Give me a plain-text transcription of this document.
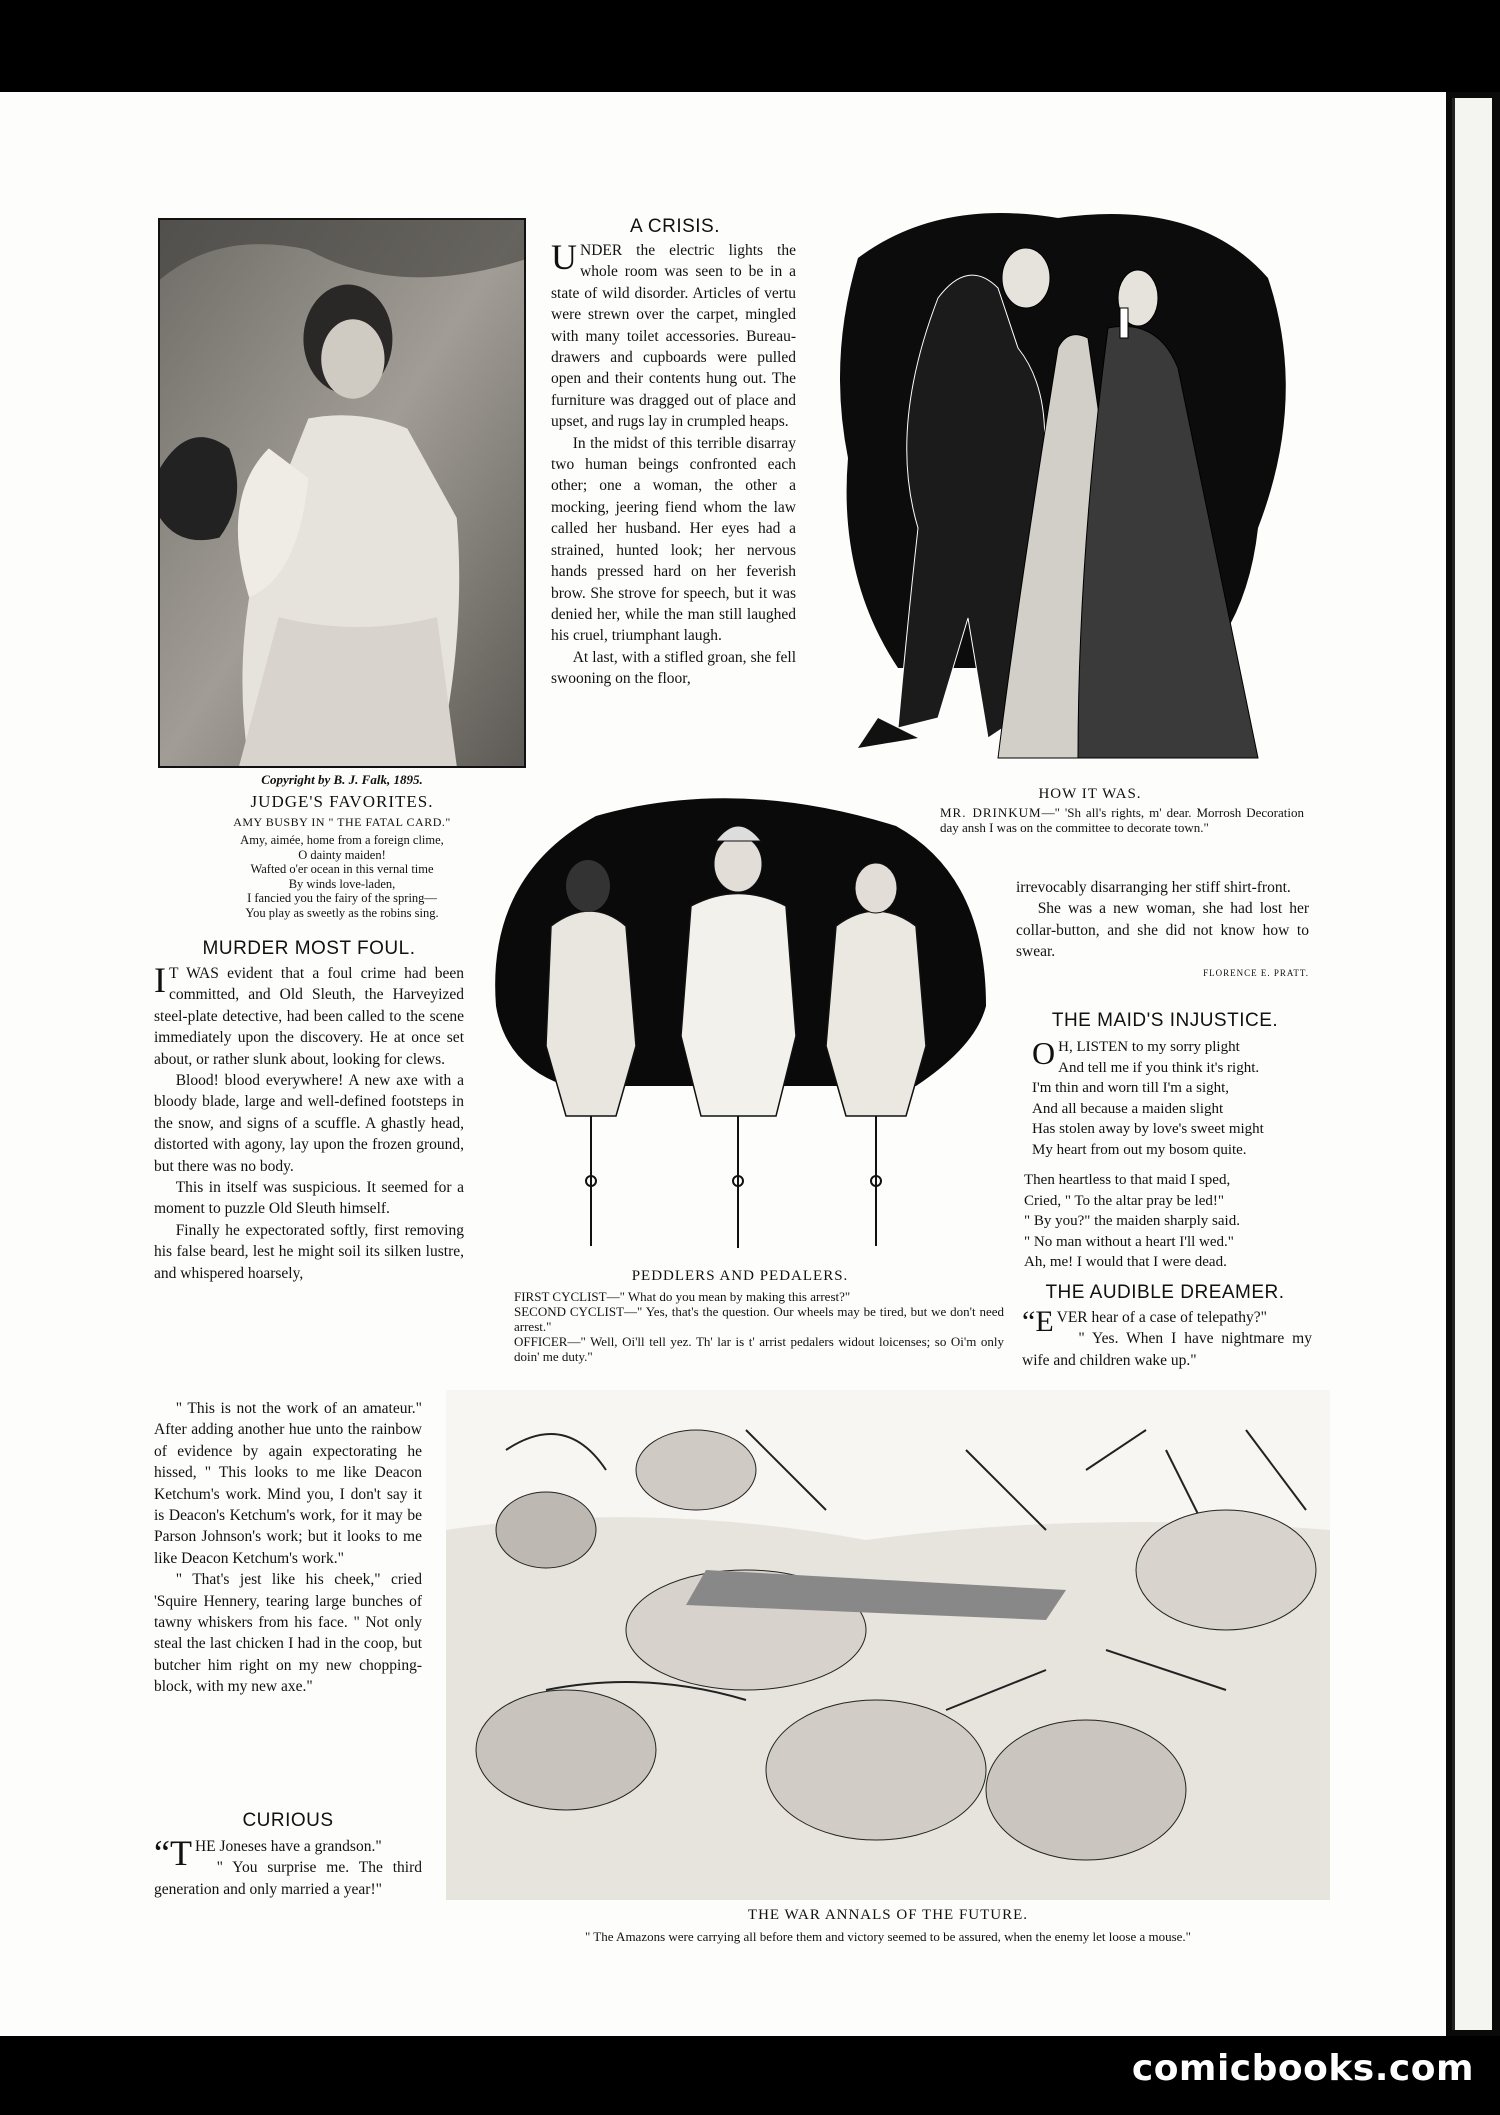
comicbooks.com
Copyright by B. J. Falk, 1895.
JUDGE'S FAVORITES.
AMY BUSBY IN " THE FATAL CARD."
Amy, aimée, home from a foreign clime,
O dainty maiden!
Wafted o'er ocean in this vernal time
By winds love-laden,
I fancied you the fairy of the spring—
You play as sweetly as the robins sing.
A CRISIS.

UNDER the electric lights the whole room was seen to be in a state of wild disorder. Articles of vertu were strewn over the carpet, mingled with many toilet accessories. Bureau-drawers and cupboards were pulled open and their contents hung out. The furniture was dragged out of place and upset, and rugs lay in crumpled heaps.

In the midst of this terrible disarray two human beings confronted each other; one a woman, the other a mocking, jeering fiend whom the law called her husband. Her eyes had a strained, hunted look; her nervous hands pressed hard on her feverish brow. She strove for speech, but it was denied her, while the man still laughed his cruel, triumphant laugh.

At last, with a stifled groan, she fell swooning on the floor,

HOW IT WAS.
MR. DRINKUM—" 'Sh all's rights, m' dear. Morrosh Decoration day ansh I was on the committee to decorate town."

irrevocably disarranging her stiff shirt-front.

She was a new woman, she had lost her collar-button, and she did not know how to swear.

FLORENCE E. PRATT.
MURDER MOST FOUL.

I T WAS evident that a foul crime had been committed, and Old Sleuth, the Harveyized steel-plate detective, had been called to the scene immediately upon the discovery. He at once set about, or rather slunk about, looking for clews.

Blood! blood everywhere! A new axe with a bloody blade, large and well-defined footsteps in the snow, and signs of a scuffle. A ghastly head, distorted with agony, lay upon the frozen ground, but there was no body.

This in itself was suspicious. It seemed for a moment to puzzle Old Sleuth himself.

Finally he expectorated softly, first removing his false beard, lest he might soil its silken lustre, and whispered hoarsely,

" This is not the work of an amateur." After adding another hue unto the rainbow of evidence by again expectorating he hissed, " This looks to me like Deacon Ketchum's work. Mind you, I don't say it is Deacon's Ketchum's work, for it may be Parson Johnson's work; but it looks to me like Deacon Ketchum's work."

" That's jest like his cheek," cried 'Squire Hennery, tearing large bunches of tawny whiskers from his face. " Not only steal the last chicken I had in the coop, but butcher him right on my new chopping-block, with my new axe."

CURIOUS

“THE Joneses have a grandson."

" You surprise me. The third generation and only married a year!"

PEDDLERS AND PEDALERS.
FIRST CYCLIST—" What do you mean by making this arrest?"
SECOND CYCLIST—" Yes, that's the question. Our wheels may be tired, but we don't need arrest."
OFFICER—" Well, Oi'll tell yez. Th' lar is t' arrist pedalers widout loicenses; so Oi'm only doin' me duty."
THE MAID'S INJUSTICE.
O H, LISTEN to my sorry plight
And tell me if you think it's right.
I'm thin and worn till I'm a sight,
And all because a maiden slight
Has stolen away by love's sweet might
My heart from out my bosom quite.
Then heartless to that maid I sped,
Cried, " To the altar pray be led!"
" By you?" the maiden sharply said.
" No man without a heart I'll wed."
Ah, me! I would that I were dead.
THE AUDIBLE DREAMER.

“EVER hear of a case of telepathy?"

" Yes. When I have nightmare my wife and children wake up."

THE WAR ANNALS OF THE FUTURE.
" The Amazons were carrying all before them and victory seemed to be assured, when the enemy let loose a mouse."
